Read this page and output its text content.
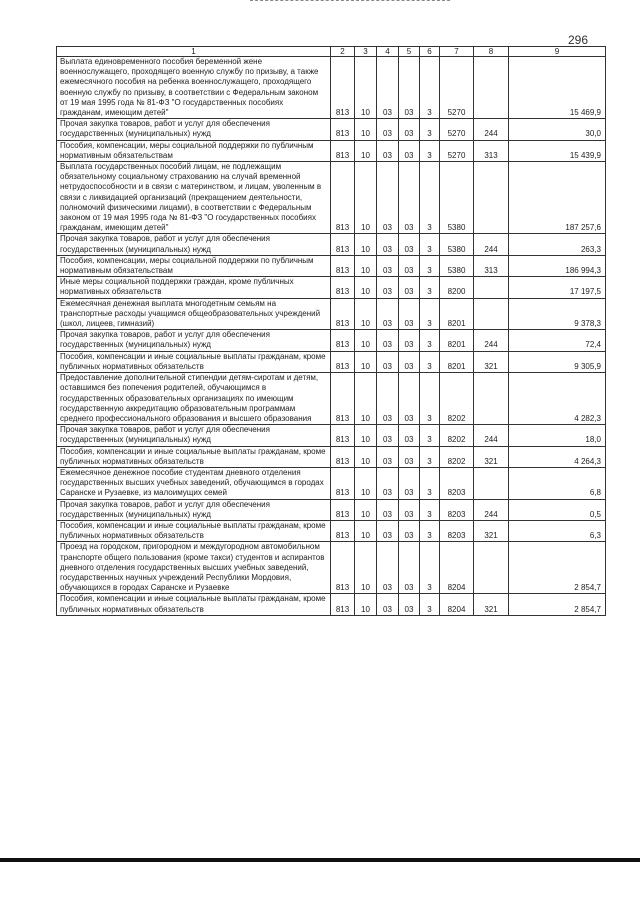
296
1	2	3	4	5	6	7	8	9
Выплата единовременного пособия беременной жене военнослужащего, проходящего военную службу по призыву, а также ежемесячного пособия на ребенка военнослужащего, проходящего военную службу по призыву, в соответствии с Федеральным законом от 19 мая 1995 года № 81-ФЗ "О государственных пособиях гражданам, имеющим детей"	813	10	03	03	3	5270		15 469,9
Прочая закупка товаров, работ и услуг для обеспечения государственных (муниципальных) нужд	813	10	03	03	3	5270	244	30,0
Пособия, компенсации, меры социальной поддержки по публичным нормативным обязательствам	813	10	03	03	3	5270	313	15 439,9
Выплата государственных пособий лицам, не подлежащим обязательному социальному страхованию на случай временной нетрудоспособности и в связи с материнством, и лицам, уволенным в связи с ликвидацией организаций (прекращением деятельности, полномочий физическими лицами), в соответствии с Федеральным законом от 19 мая 1995 года № 81-ФЗ "О государственных пособиях гражданам, имеющим детей"	813	10	03	03	3	5380		187 257,6
Прочая закупка товаров, работ и услуг для обеспечения государственных (муниципальных) нужд	813	10	03	03	3	5380	244	263,3
Пособия, компенсации, меры социальной поддержки по публичным нормативным обязательствам	813	10	03	03	3	5380	313	186 994,3
Иные меры социальной поддержки граждан, кроме публичных нормативных обязательств	813	10	03	03	3	8200		17 197,5
Ежемесячная денежная выплата многодетным семьям на транспортные расходы учащимся общеобразовательных учреждений (школ, лицеев, гимназий)	813	10	03	03	3	8201		9 378,3
Прочая закупка товаров, работ и услуг для обеспечения государственных (муниципальных) нужд	813	10	03	03	3	8201	244	72,4
Пособия, компенсации и иные социальные выплаты гражданам, кроме публичных нормативных обязательств	813	10	03	03	3	8201	321	9 305,9
Предоставление дополнительной стипендии детям-сиротам и детям, оставшимся без попечения родителей, обучающимся в государственных образовательных организациях по имеющим государственную аккредитацию образовательным программам среднего профессионального образования и высшего образования	813	10	03	03	3	8202		4 282,3
Прочая закупка товаров, работ и услуг для обеспечения государственных (муниципальных) нужд	813	10	03	03	3	8202	244	18,0
Пособия, компенсации и иные социальные выплаты гражданам, кроме публичных нормативных обязательств	813	10	03	03	3	8202	321	4 264,3
Ежемесячное денежное пособие студентам дневного отделения государственных высших учебных заведений, обучающимся в городах Саранске и Рузаевке, из малоимущих семей	813	10	03	03	3	8203		6,8
Прочая закупка товаров, работ и услуг для обеспечения государственных (муниципальных) нужд	813	10	03	03	3	8203	244	0,5
Пособия, компенсации и иные социальные выплаты гражданам, кроме публичных нормативных обязательств	813	10	03	03	3	8203	321	6,3
Проезд на городском, пригородном и междугородном автомобильном транспорте общего пользования (кроме такси) студентов и аспирантов дневного отделения государственных высших учебных заведений, государственных научных учреждений Республики Мордовия, обучающихся в городах Саранске и Рузаевке	813	10	03	03	3	8204		2 854,7
Пособия, компенсации и иные социальные выплаты гражданам, кроме публичных нормативных обязательств	813	10	03	03	3	8204	321	2 854,7
